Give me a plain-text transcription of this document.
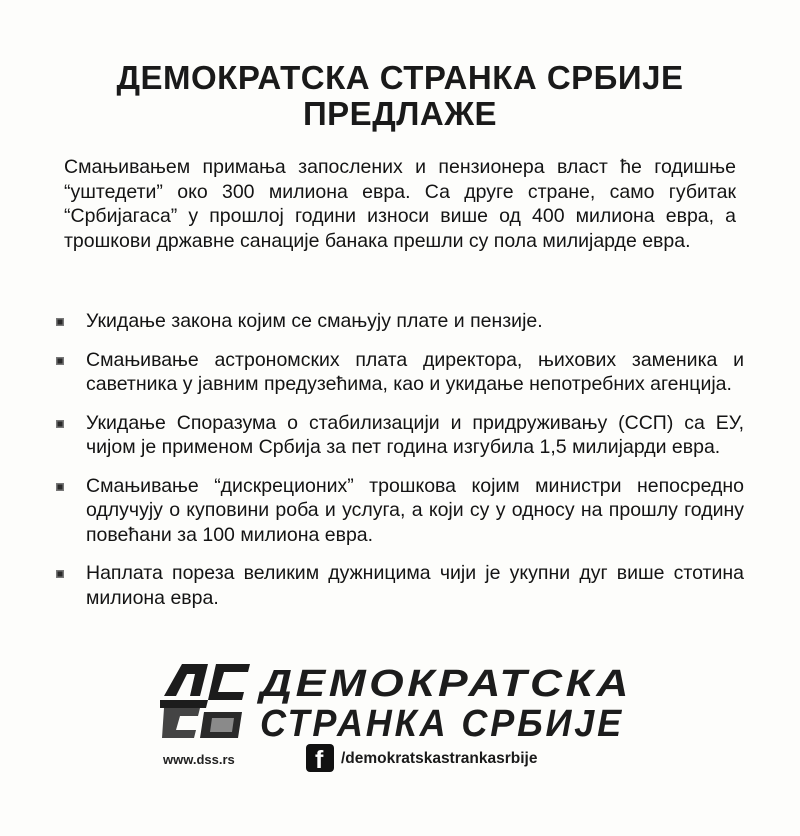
ДЕМОКРАТСКА СТРАНКА СРБИЈЕ
ПРЕДЛАЖЕ

Смањивањем примања запослених и пензионера власт ће годишње “уштедети” око 300 милиона евра. Са друге стране, само губитак “Србијагаса” у прошлој години износи више од 400 милиона евра, а трошкови државне санације банака прешли су пола милијарде евра.

Укидање закона којим се смањују плате и пензије.
Смањивање астрономских плата директора, њихових заменика и саветника у јавним предузећима, као и укидање непотребних агенција.
Укидање Споразума о стабилизацији и придруживању (ССП) са ЕУ, чијом је применом Србија за пет година изгубила 1,5 милијарди евра.
Смањивање “дискреционих” трошкова којим министри непосредно одлучују о куповини роба и услуга, а који су у односу на прошлу годину повећани за 100 милиона евра.
Наплата пореза великим дужницима чији је укупни дуг више стотина милиона евра.
ДЕМОКРАТСКА
СТРАНКА СРБИЈЕ
www.dss.rs	f /demokratskastrankasrbije
